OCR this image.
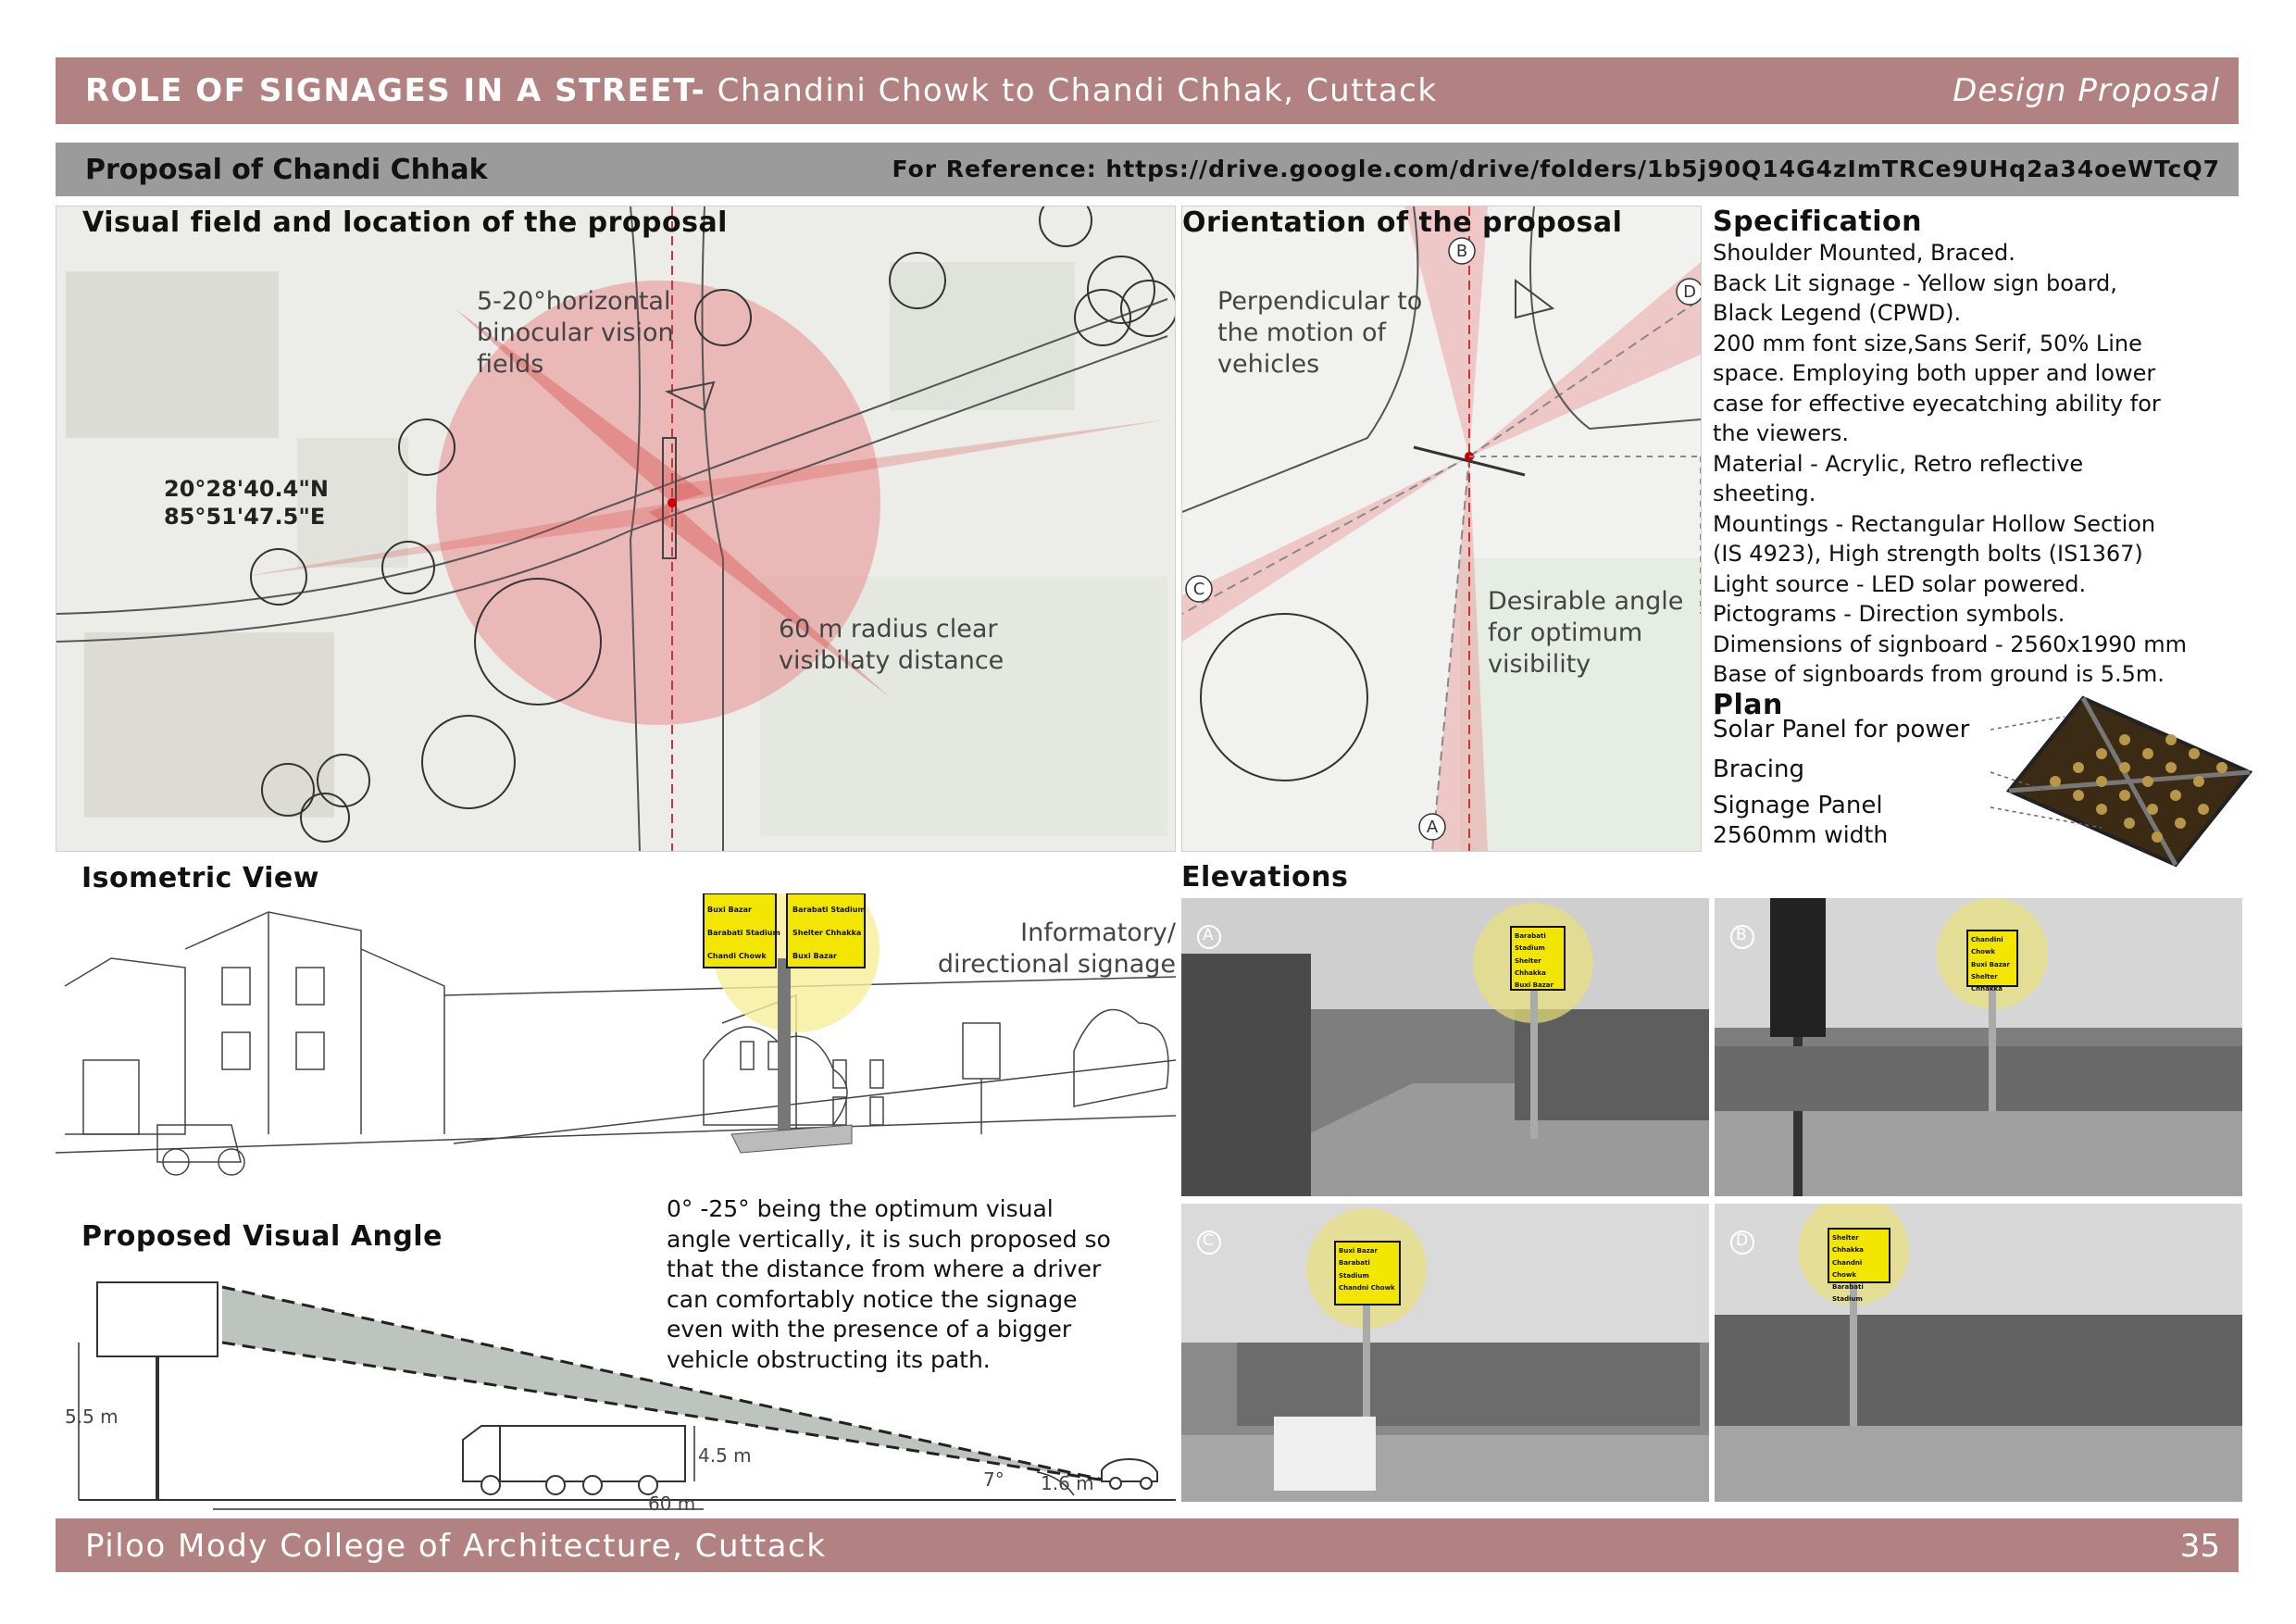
ROLE OF SIGNAGES IN A STREET- Chandini Chowk to Chandi Chhak, Cuttack	Design Proposal
Proposal of Chandi Chhak	For Reference: https://drive.google.com/drive/folders/1b5j90Q14G4zImTRCe9UHq2a34oeWTcQ7
Visual field and location of the proposal
5-20°horizontal
binocular vision
fields
20°28'40.4"N
85°51'47.5"E
60 m radius clear
visibilaty distance
A
B
C
D
Orientation of the proposal
Perpendicular to
the motion of
vehicles
Desirable angle
for optimum
visibility
Specification
Shoulder Mounted, Braced.
Back Lit signage - Yellow sign board,
Black Legend (CPWD).
200 mm font size,Sans Serif, 50% Line
space. Employing both upper and lower
case for effective eyecatching ability for
the viewers.
Material - Acrylic, Retro reflective
sheeting.
Mountings - Rectangular Hollow Section
(IS 4923), High strength bolts (IS1367)
Light source - LED solar powered.
Pictograms - Direction symbols.
Dimensions of signboard - 2560x1990 mm
Base of signboards from ground is 5.5m.
Plan
Solar Panel for power
Bracing
Signage Panel
2560mm width
Isometric View
Buxi Bazar
Barabati Stadium
Chandi Chowk
Barabati Stadium
Shelter Chhakka
Buxi Bazar
Informatory/
directional signage
Proposed Visual Angle
0° -25° being the optimum visual
angle vertically, it is such proposed so
that the distance from where a driver
can comfortably notice the signage
even with the presence of a bigger
vehicle obstructing its path.
5.5 m
4.5 m
60 m
7° 1.6 m
Elevations
Barabati Stadium
Shelter Chhakka
Buxi Bazar
A	Chandini Chowk
Buxi Bazar
Shelter Chhakka
B
Buxi Bazar
Barabati Stadium
Chandni Chowk
C	Shelter Chhakka
Chandni Chowk
Barabati Stadium
D
Piloo Mody College of Architecture, Cuttack	35
